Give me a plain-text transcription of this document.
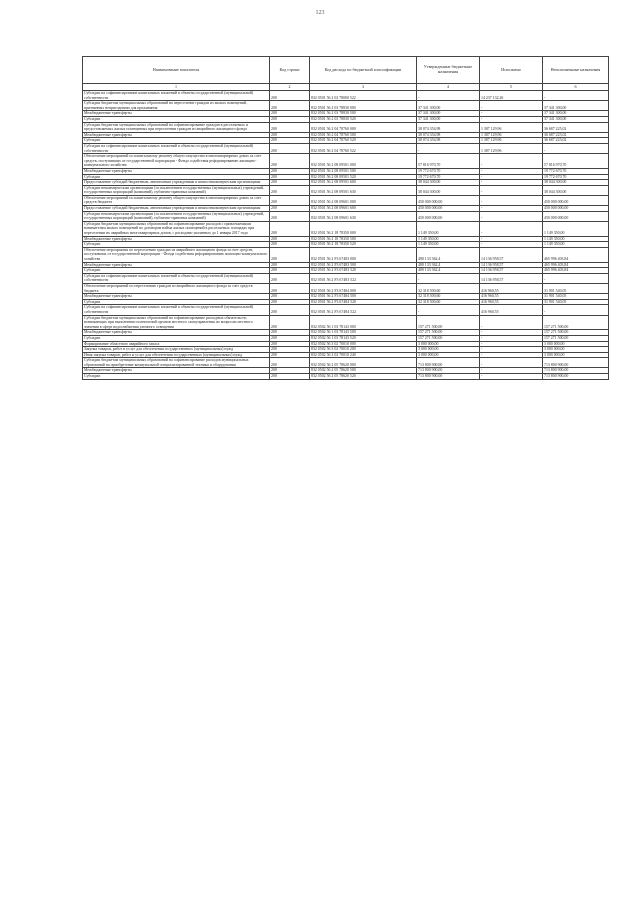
123
Наименование показателя	Код строки	Код расхода по бюджетной классификации	Утвержденные бюджетные назначения	Исполнено	Неисполненные назначения
1	2	3	4	5	6
Субсидии на софинансирование капитальных вложений в объекты государственной (муниципальной) собственности	200	832 0501 56 2 02 78000 522	-	14 237 132,26	-
Субсидии бюджетам муниципальных образований на переселение граждан из жилых помещений, признанных непригодными для проживания	200	832 0501 56 2 03 78830 000	37 341 300,00	-	37 341 300,00
Межбюджетные трансферты	200	832 0501 56 2 03 78830 500	37 341 300,00	-	37 341 300,00
Субсидии	200	832 0501 56 2 03 78830 520	37 341 300,00	-	37 341 300,00
Субсидии бюджетам муниципальных образований на софинансирование граждан в расселяемых и предоставляемых жилых помещениях при переселении граждан из аварийного жилищного фонда	200	832 0501 56 2 04 78760 000	38 074 354,98	1 387 129,96	36 687 225,02
Межбюджетные трансферты	200	832 0501 56 2 04 78760 500	38 074 354,98	1 387 129,96	36 687 225,02
Субсидии	200	832 0501 56 2 04 78760 520	38 074 354,98	1 387 129,96	36 687 225,02
Субсидии на софинансирование капитальных вложений в объекты государственной (муниципальной) собственности	200	832 0501 56 2 04 78760 522	-	1 387 129,96	-
Обеспечение мероприятий по капитальному ремонту общего имущества в многоквартирных домах за счет средств, поступивших от государственной корпорации - Фонда содействия реформированию жилищно-коммунального хозяйства	200	832 0501 56 2 08 09501 000	57 816 970,70	-	57 816 970,70
Межбюджетные трансферты	200	832 0501 56 2 08 09501 500	19 772 670,70	-	19 772 670,70
Субсидии	200	832 0501 56 2 08 09501 520	19 772 670,70	-	19 772 670,70
Предоставление субсидий бюджетным, автономным учреждениям и иным некоммерческим организациям	200	832 0501 56 2 08 09501 600	38 044 300,00	-	38 044 300,00
Субсидии некоммерческим организациям (за исключением государственных (муниципальных) учреждений, государственных корпораций (компаний), публично-правовых компаний)	200	832 0501 56 2 08 09501 630	38 044 300,00	-	38 044 300,00
Обеспечение мероприятий по капитальному ремонту общего имущества в многоквартирных домах за счет средств бюджета	200	832 0501 56 2 08 09601 000	450 000 000,00	-	450 000 000,00
Предоставление субсидий бюджетным, автономным учреждениям и иным некоммерческим организациям	200	832 0501 56 2 08 09601 600	450 000 000,00	-	450 000 000,00
Субсидии некоммерческим организациям (за исключением государственных (муниципальных) учреждений, государственных корпораций (компаний), публично-правовых компаний)	200	832 0501 56 2 08 09601 630	450 000 000,00	-	450 000 000,00
Субсидии бюджетам муниципальных образований на софинансирование расходов с привлекаемыми нанимателям жилых помещений по договорам найма жилых помещений в расселяемых площадях при переселении их аварийных многоквартирных домов, с расходами указанных до 1 января 2017 года	200	832 0501 56 2 18 78350 000	1 149 350,00	-	1 149 350,00
Межбюджетные трансферты	200	832 0501 56 2 18 78350 500	1 149 350,00	-	1 149 350,00
Субсидии	200	832 0501 56 2 18 78350 520	1 149 350,00	-	1 149 350,00
Обеспечение мероприятия по переселению граждан из аварийного жилищного фонда за счет средств, поступивших от государственной корпорации - Фонда содействия реформированию жилищно-коммунального хозяйства	200	832 0501 56 2 F3 67483 000	480 133 362,4	14 136 958,57	465 996 403,84
Межбюджетные трансферты	200	832 0501 56 2 F3 67483 500	480 133 362,4	14 136 958,57	465 996 403,84
Субсидии	200	832 0501 56 2 F3 67483 520	480 133 362,4	14 136 958,57	465 996 403,84
Субсидии на софинансирование капитальных вложений в объекты государственной (муниципальной) собственности	200	832 0501 56 2 F3 67483 522	-	14 136 958,57	-
Обеспечение мероприятий по переселению граждан из аварийного жилищного фонда за счет средств бюджета	200	832 0501 56 2 F3 67484 000	32 318 500,60	416 960,55	31 901 540,05
Межбюджетные трансферты	200	832 0501 56 2 F3 67484 500	32 318 500,60	416 960,55	31 901 540,05
Субсидии	200	832 0501 56 2 F3 67484 520	32 318 500,60	416 960,55	31 901 540,05
Субсидии на софинансирование капитальных вложений в объекты государственной (муниципальной) собственности	200	832 0501 56 2 F3 67484 522	-	416 960,55	-
Субсидии бюджетам муниципальных образований на софинансирование расходных обязательств, возникающих при выполнении полномочий органов местного самоуправления по вопросам местного значения в сфере водоснабжения уличного освещения	200	832 0502 56 1 03 78143 000	157 271 500,00	-	157 271 500,00
Межбюджетные трансферты	200	832 0502 56 1 03 78143 500	157 271 500,00	-	157 271 500,00
Субсидии	200	832 0502 56 1 03 78143 520	157 271 500,00	-	157 271 500,00
Формирование областного аварийного запаса	200	832 0502 56 3 02 70010 000	3 000 000,00	-	3 000 000,00
Закупка товаров, работ и услуг для обеспечения государственных (муниципальных) нужд	200	832 0502 56 3 02 70010 200	3 000 000,00	-	3 000 000,00
Иная закупка товаров, работ и услуг для обеспечения государственных (муниципальных) нужд	200	832 0502 56 3 02 70010 240	3 000 000,00	-	3 000 000,00
Субсидии бюджетам муниципальных образований на софинансирование расходов муниципальных образований на приобретение коммунальной специализированной техники и оборудования	200	832 0502 56 2 05 78620 000	713 800 900,00	-	713 800 900,00
Межбюджетные трансферты	200	832 0502 56 2 05 78620 500	713 800 900,00	-	713 800 900,00
Субсидии	200	832 0502 56 2 05 78620 520	713 800 900,00	-	713 800 900,00
